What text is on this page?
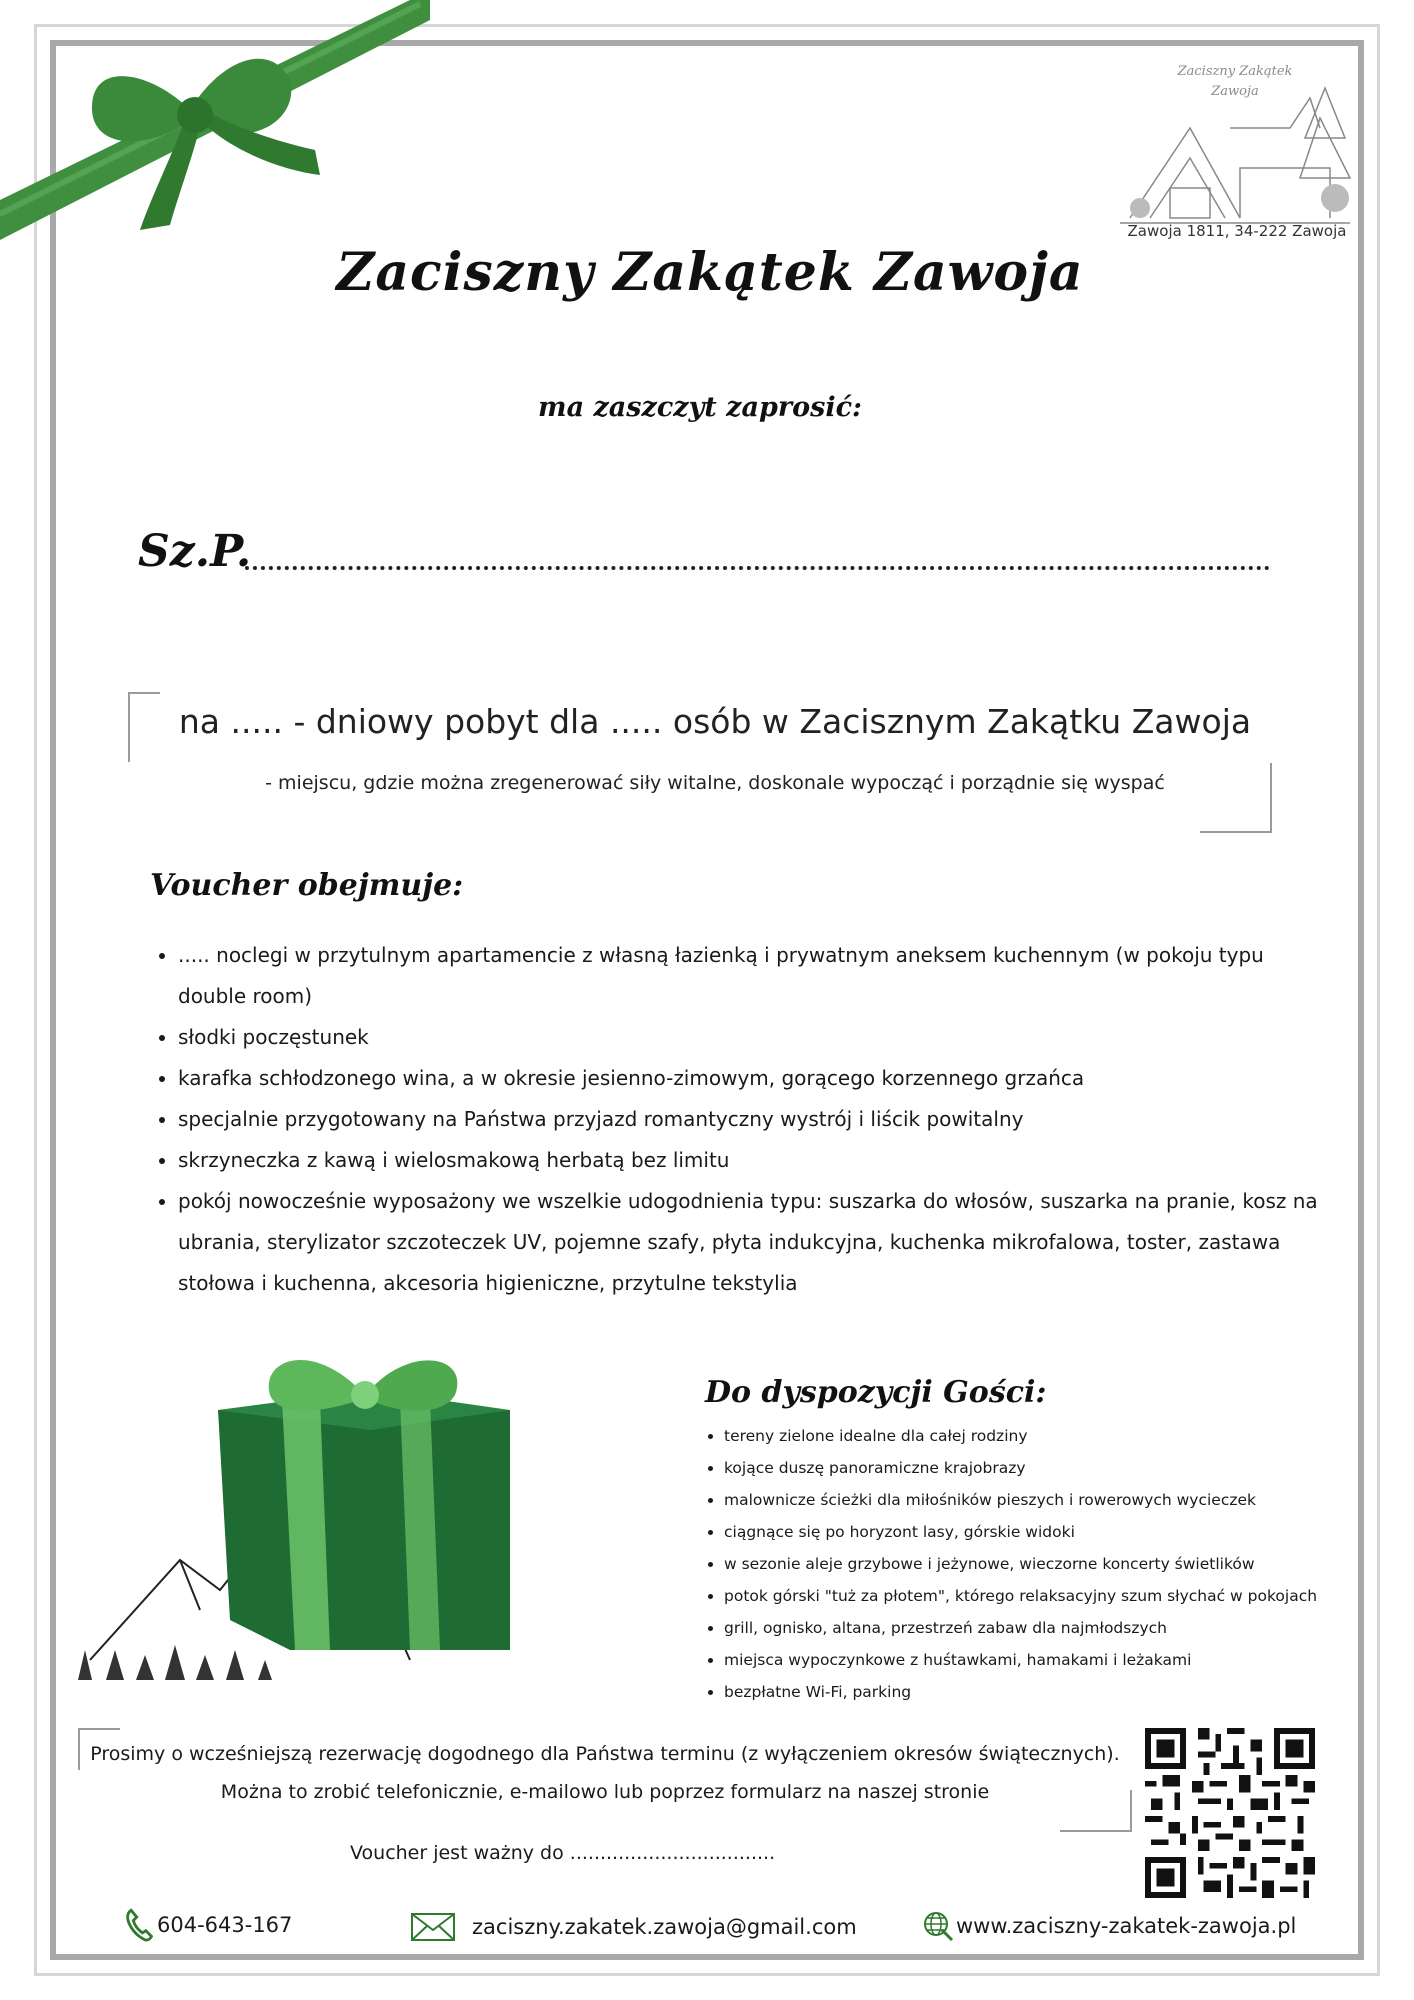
Zaciszny Zakątek
Zawoja
Zawoja 1811, 34-222 Zawoja
Zaciszny Zakątek Zawoja
ma zaszczyt zaprosić:
Sz.P.
na ..... - dniowy pobyt dla ..... osób w Zacisznym Zakątku Zawoja
- miejscu, gdzie można zregenerować siły witalne, doskonale wypocząć i porządnie się wyspać
Voucher obejmuje:
• ..... noclegi w przytulnym apartamencie z własną łazienką i prywatnym aneksem kuchennym (w pokoju typu double room)
• słodki poczęstunek
• karafka schłodzonego wina, a w okresie jesienno-zimowym, gorącego korzennego grzańca
• specjalnie przygotowany na Państwa przyjazd romantyczny wystrój i liścik powitalny
• skrzyneczka z kawą i wielosmakową herbatą bez limitu
• pokój nowocześnie wyposażony we wszelkie udogodnienia typu: suszarka do włosów, suszarka na pranie, kosz na ubrania, sterylizator szczoteczek UV, pojemne szafy, płyta indukcyjna, kuchenka mikrofalowa, toster, zastawa stołowa i kuchenna, akcesoria higieniczne, przytulne tekstylia
Do dyspozycji Gości:
• tereny zielone idealne dla całej rodziny
• kojące duszę panoramiczne krajobrazy
• malownicze ścieżki dla miłośników pieszych i rowerowych wycieczek
• ciągnące się po horyzont lasy, górskie widoki
• w sezonie aleje grzybowe i jeżynowe, wieczorne koncerty świetlików
• potok górski "tuż za płotem", którego relaksacyjny szum słychać w pokojach
• grill, ognisko, altana, przestrzeń zabaw dla najmłodszych
• miejsca wypoczynkowe z huśtawkami, hamakami i leżakami
• bezpłatne Wi-Fi, parking
Prosimy o wcześniejszą rezerwację dogodnego dla Państwa terminu (z wyłączeniem okresów świątecznych).
Można to zrobić telefonicznie, e-mailowo lub poprzez formularz na naszej stronie
Voucher jest ważny do ..................................
604-643-167	zaciszny.zakatek.zawoja@gmail.com	www.zaciszny-zakatek-zawoja.pl
